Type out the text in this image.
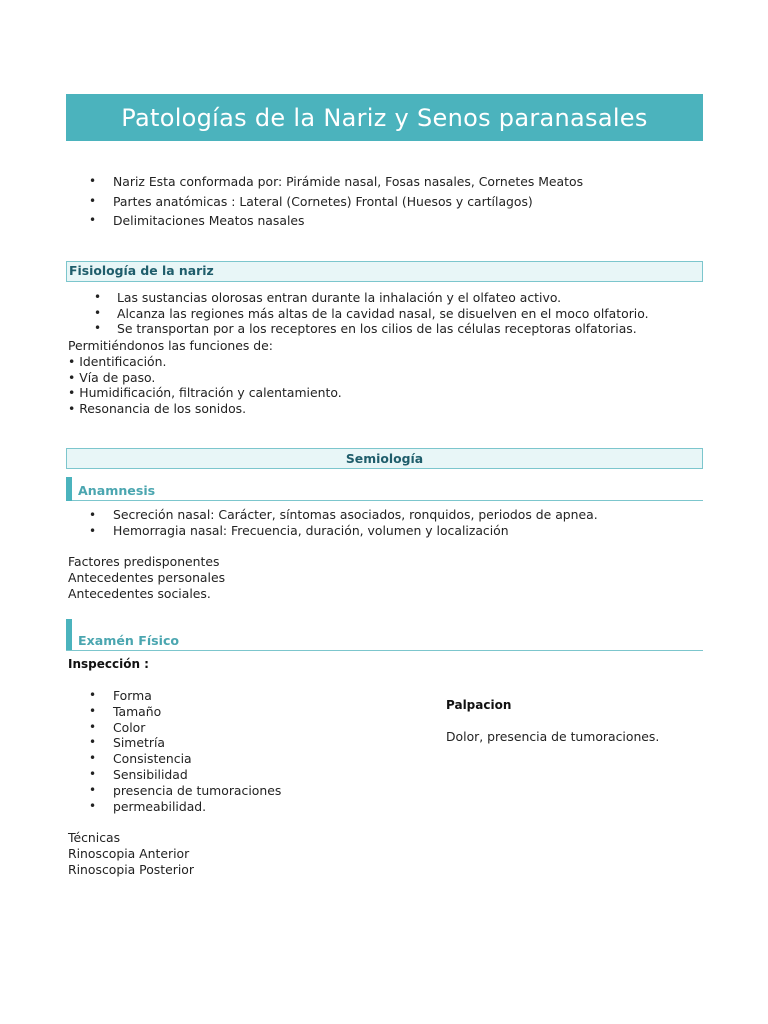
Patologías de la Nariz y Senos paranasales
• Nariz Esta conformada por: Pirámide nasal, Fosas nasales, Cornetes Meatos
• Partes anatómicas : Lateral (Cornetes) Frontal (Huesos y cartílagos)
• Delimitaciones Meatos nasales
Fisiología de la nariz
• Las sustancias olorosas entran durante la inhalación y el olfateo activo.
• Alcanza las regiones más altas de la cavidad nasal, se disuelven en el moco olfatorio.
• Se transportan por a los receptores en los cilios de las células receptoras olfatorias.
Permitiéndonos las funciones de:
• Identificación.
• Vía de paso.
• Humidificación, filtración y calentamiento.
• Resonancia de los sonidos.
Semiología
Anamnesis
• Secreción nasal: Carácter, síntomas asociados, ronquidos, periodos de apnea.
• Hemorragia nasal: Frecuencia, duración, volumen y localización
Factores predisponentes
Antecedentes personales
Antecedentes sociales.
Examén Físico
Inspección :
• Forma
• Tamaño
• Color
• Simetría
• Consistencia
• Sensibilidad
• presencia de tumoraciones
• permeabilidad.
Técnicas
Rinoscopia Anterior
Rinoscopia Posterior
Palpacion
Dolor, presencia de tumoraciones.
